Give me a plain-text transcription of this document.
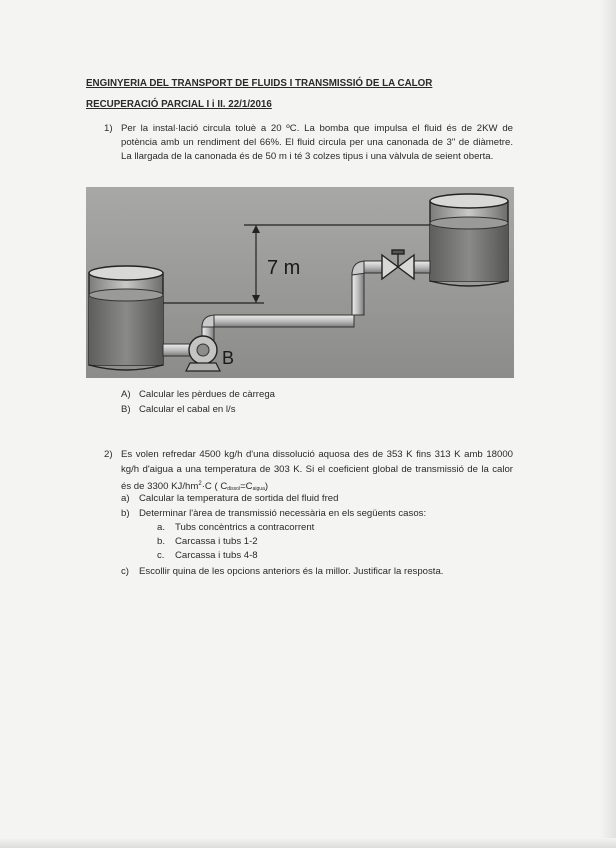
ENGINYERIA DEL TRANSPORT DE FLUIDS I TRANSMISSIÓ DE LA CALOR
RECUPERACIÓ PARCIAL I i II. 22/1/2016
1) Per la instal·lació circula toluè a 20 ºC. La bomba que impulsa el fluid és de 2KW de potència amb un rendiment del 66%. El fluid circula per una canonada de 3" de diàmetre. La llargada de la canonada és de 50 m i té 3 colzes tipus i una vàlvula de seient oberta.
7 m
B
A) Calcular les pèrdues de càrrega
B) Calcular el cabal en l/s
2) Es volen refredar 4500 kg/h d'una dissolució aquosa des de 353 K fins 313 K amb 18000 kg/h d'aigua a una temperatura de 303 K. Si el coeficient global de transmissió de la calor és de 3300 $KJ/hm^2\cdot C$ ( $C_{dissol}=C_{aigua}$)
a) Calcular la temperatura de sortida del fluid fred
b) Determinar l'àrea de transmissió necessària en els següents casos:
a. Tubs concèntrics a contracorrent
b. Carcassa i tubs 1-2
c. Carcassa i tubs 4-8
c) Escollir quina de les opcions anteriors és la millor. Justificar la resposta.
